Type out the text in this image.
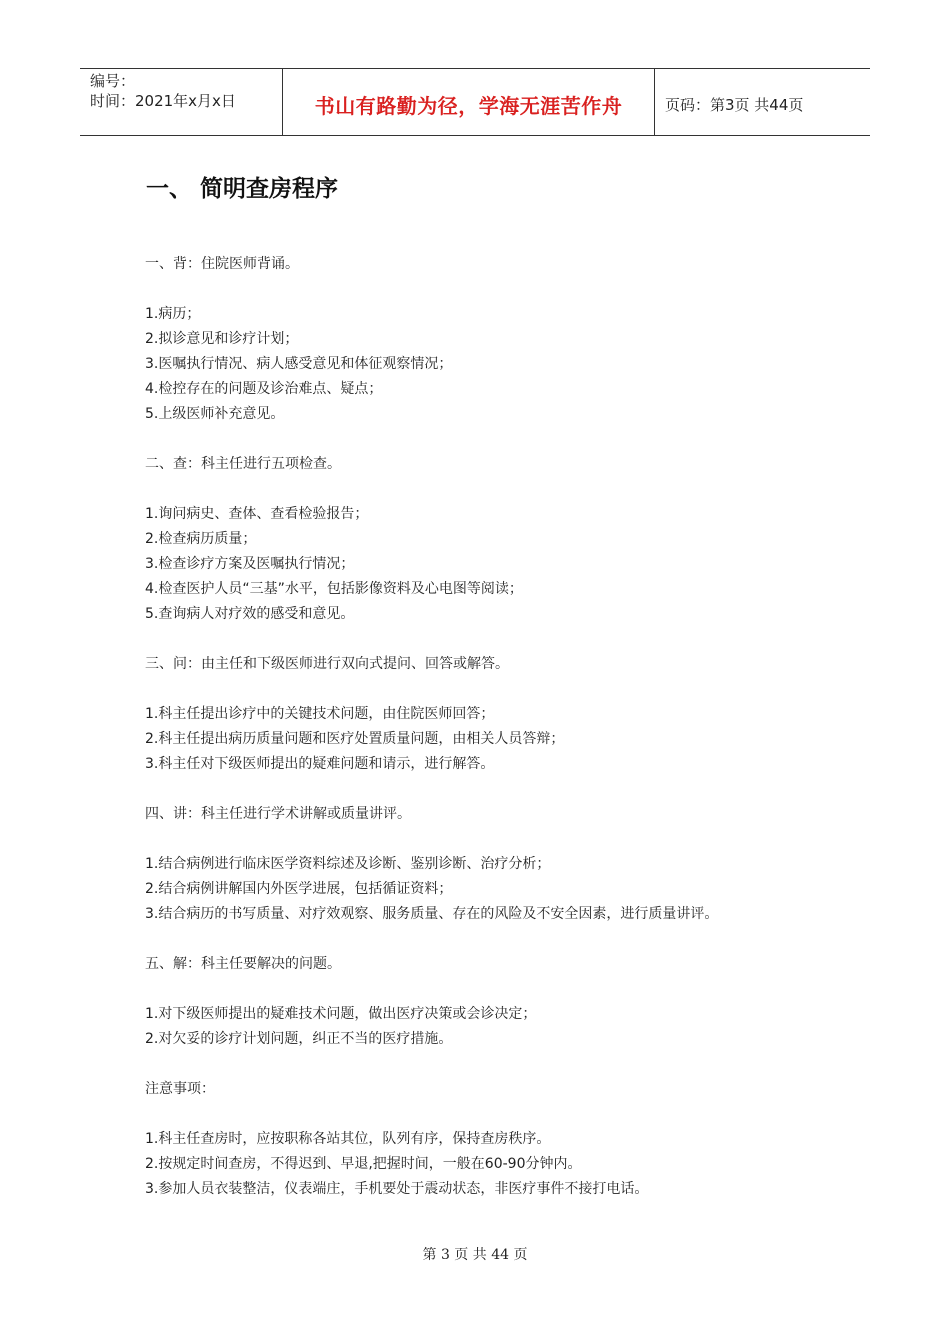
编号：
时间：2021年x月x日	书山有路勤为径，学海无涯苦作舟	页码：第3页 共44页
一、 简明查房程序

一、背：住院医师背诵。

1.病历；

2.拟诊意见和诊疗计划；

3.医嘱执行情况、病人感受意见和体征观察情况；

4.检控存在的问题及诊治难点、疑点；

5.上级医师补充意见。

二、查：科主任进行五项检查。

1.询问病史、查体、查看检验报告；

2.检查病历质量；

3.检查诊疗方案及医嘱执行情况；

4.检查医护人员“三基”水平，包括影像资料及心电图等阅读；

5.查询病人对疗效的感受和意见。

三、问：由主任和下级医师进行双向式提问、回答或解答。

1.科主任提出诊疗中的关键技术问题，由住院医师回答；

2.科主任提出病历质量问题和医疗处置质量问题，由相关人员答辩；

3.科主任对下级医师提出的疑难问题和请示，进行解答。

四、讲：科主任进行学术讲解或质量讲评。

1.结合病例进行临床医学资料综述及诊断、鉴别诊断、治疗分析；

2.结合病例讲解国内外医学进展，包括循证资料；

3.结合病历的书写质量、对疗效观察、服务质量、存在的风险及不安全因素，进行质量讲评。

五、解：科主任要解决的问题。

1.对下级医师提出的疑难技术问题，做出医疗决策或会诊决定；

2.对欠妥的诊疗计划问题，纠正不当的医疗措施。

注意事项：

1.科主任查房时，应按职称各站其位，队列有序，保持查房秩序。

2.按规定时间查房，不得迟到、早退,把握时间，一般在60-90分钟内。

3.参加人员衣装整洁，仪表端庄，手机要处于震动状态，非医疗事件不接打电话。

第 3 页 共 44 页
